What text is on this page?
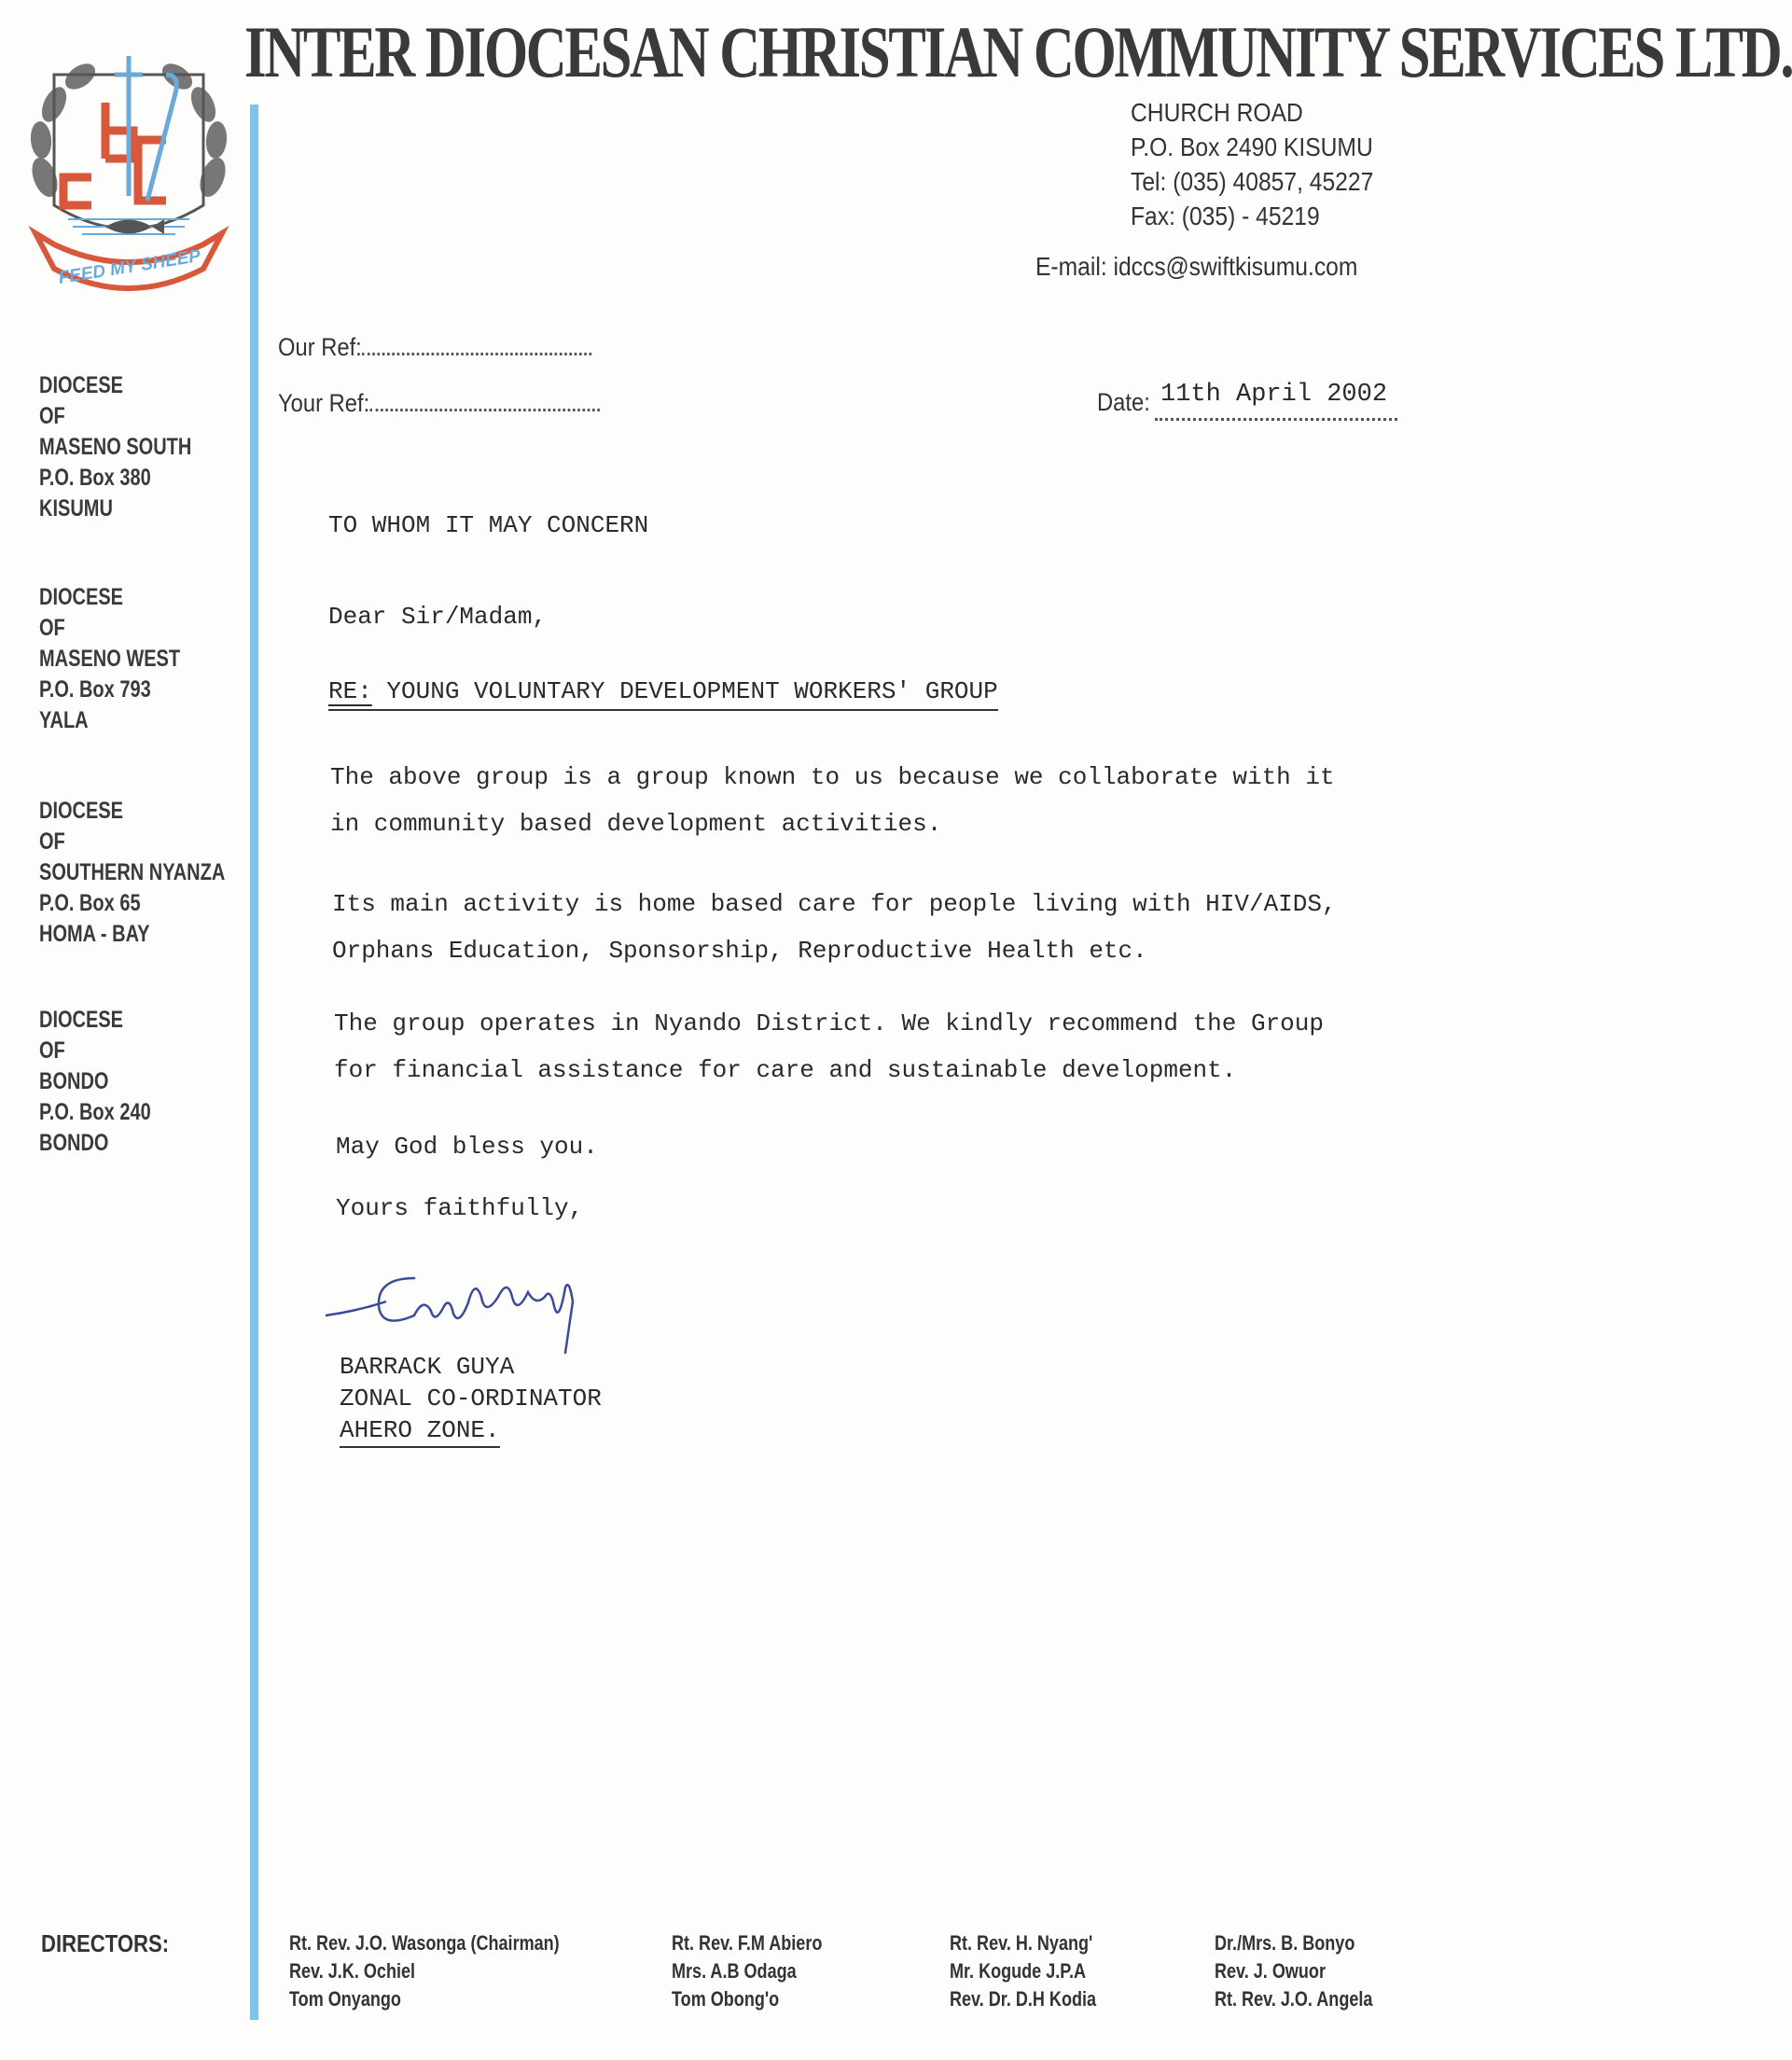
FEED MY SHEEP
INTER DIOCESAN CHRISTIAN COMMUNITY SERVICES LTD.
CHURCH ROAD
P.O. Box 2490 KISUMU
Tel: (035) 40857, 45227
Fax: (035) - 45219
E-mail: idccs@swiftkisumu.com
Our Ref:
Your Ref:	Date: 11th April 2002
DIOCESE
OF
MASENO SOUTH
P.O. Box 380
KISUMU
DIOCESE
OF
MASENO WEST
P.O. Box 793
YALA
DIOCESE
OF
SOUTHERN NYANZA
P.O. Box 65
HOMA - BAY
DIOCESE
OF
BONDO
P.O. Box 240
BONDO
TO WHOM IT MAY CONCERN
Dear Sir/Madam,
RE: YOUNG VOLUNTARY DEVELOPMENT WORKERS' GROUP
The above group is a group known to us because we collaborate with it
in community based development activities.
Its main activity is home based care for people living with HIV/AIDS,
Orphans Education, Sponsorship, Reproductive Health etc.
The group operates in Nyando District. We kindly recommend the Group
for financial assistance for care and sustainable development.
May God bless you.
Yours faithfully,
BARRACK GUYA
ZONAL CO-ORDINATOR
AHERO ZONE.
DIRECTORS:	Rt. Rev. J.O. Wasonga (Chairman)
Rev. J.K. Ochiel
Tom Onyango
Rt. Rev. F.M Abiero
Mrs. A.B Odaga
Tom Obong'o
Rt. Rev. H. Nyang'
Mr. Kogude J.P.A
Rev. Dr. D.H Kodia
Dr./Mrs. B. Bonyo
Rev. J. Owuor
Rt. Rev. J.O. Angela
